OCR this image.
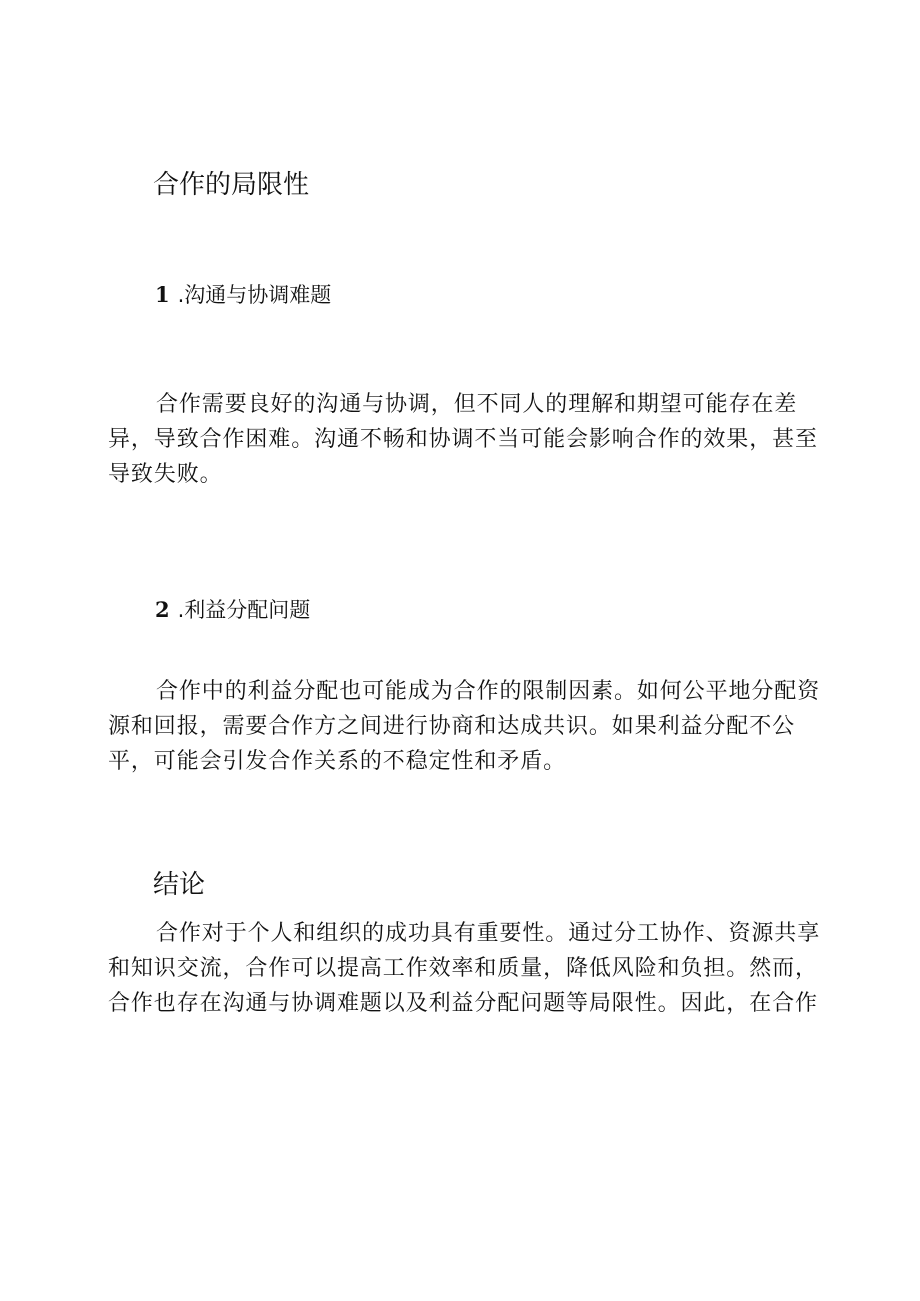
合作的局限性
1 .沟通与协调难题

合作需要良好的沟通与协调，但不同人的理解和期望可能存在差异，导致合作困难。沟通不畅和协调不当可能会影响合作的效果，甚至导致失败。

2 .利益分配问题

合作中的利益分配也可能成为合作的限制因素。如何公平地分配资源和回报，需要合作方之间进行协商和达成共识。如果利益分配不公平，可能会引发合作关系的不稳定性和矛盾。

结论

合作对于个人和组织的成功具有重要性。通过分工协作、资源共享和知识交流，合作可以提高工作效率和质量，降低风险和负担。然而，合作也存在沟通与协调难题以及利益分配问题等局限性。因此，在合作
